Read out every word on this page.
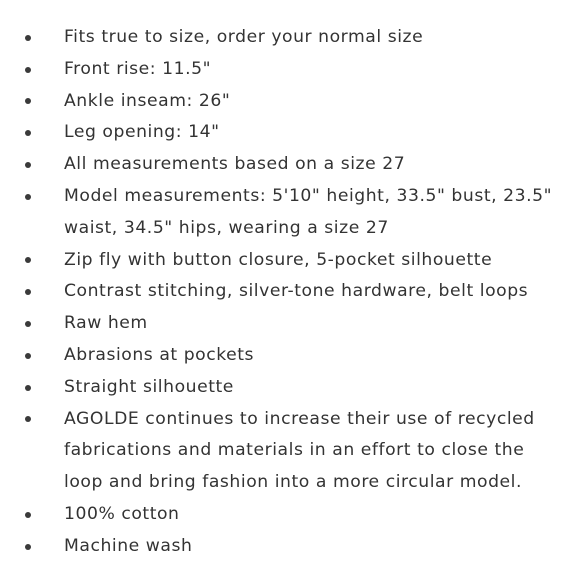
Fits true to size, order your normal size
Front rise: 11.5"
Ankle inseam: 26"
Leg opening: 14"
All measurements based on a size 27
Model measurements: 5'10" height, 33.5" bust, 23.5" waist, 34.5" hips, wearing a size 27
Zip fly with button closure, 5-pocket silhouette
Contrast stitching, silver-tone hardware, belt loops
Raw hem
Abrasions at pockets
Straight silhouette
AGOLDE continues to increase their use of recycled fabrications and materials in an effort to close the loop and bring fashion into a more circular model.
100% cotton
Machine wash
